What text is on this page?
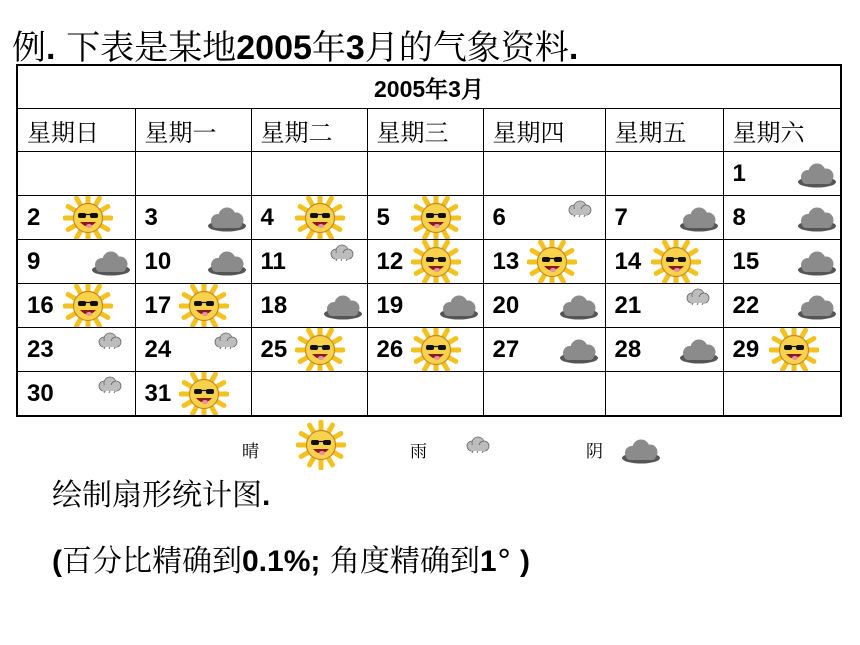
例. 下表是某地2005年3月的气象资料.
2005年3月						
星期日	星期一	星期二	星期三	星期四	星期五	星期六

						1

2	3	4	5	6	7	8

9	10	11	12	13	14	15

16	17	18	19	20	21	22

23	24	25	26	27	28	29

30	31					

晴	雨	阴

绘制扇形统计图.

(百分比精确到0.1%; 角度精确到1° )
